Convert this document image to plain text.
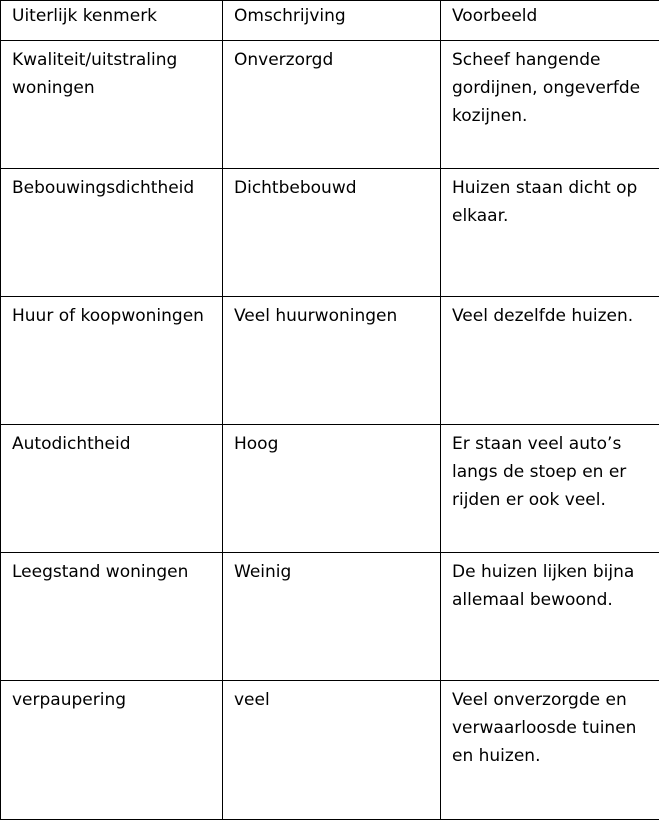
Uiterlijk kenmerk	Omschrijving	Voorbeeld
Kwaliteit/uitstraling woningen	Onverzorgd	Scheef hangende gordijnen, ongeverfde kozijnen.
Bebouwingsdichtheid	Dichtbebouwd	Huizen staan dicht op elkaar.
Huur of koopwoningen	Veel huurwoningen	Veel dezelfde huizen.
Autodichtheid	Hoog	Er staan veel auto’s langs de stoep en er rijden er ook veel.
Leegstand woningen	Weinig	De huizen lijken bijna allemaal bewoond.
verpaupering	veel	Veel onverzorgde en verwaarloosde tuinen en huizen.
